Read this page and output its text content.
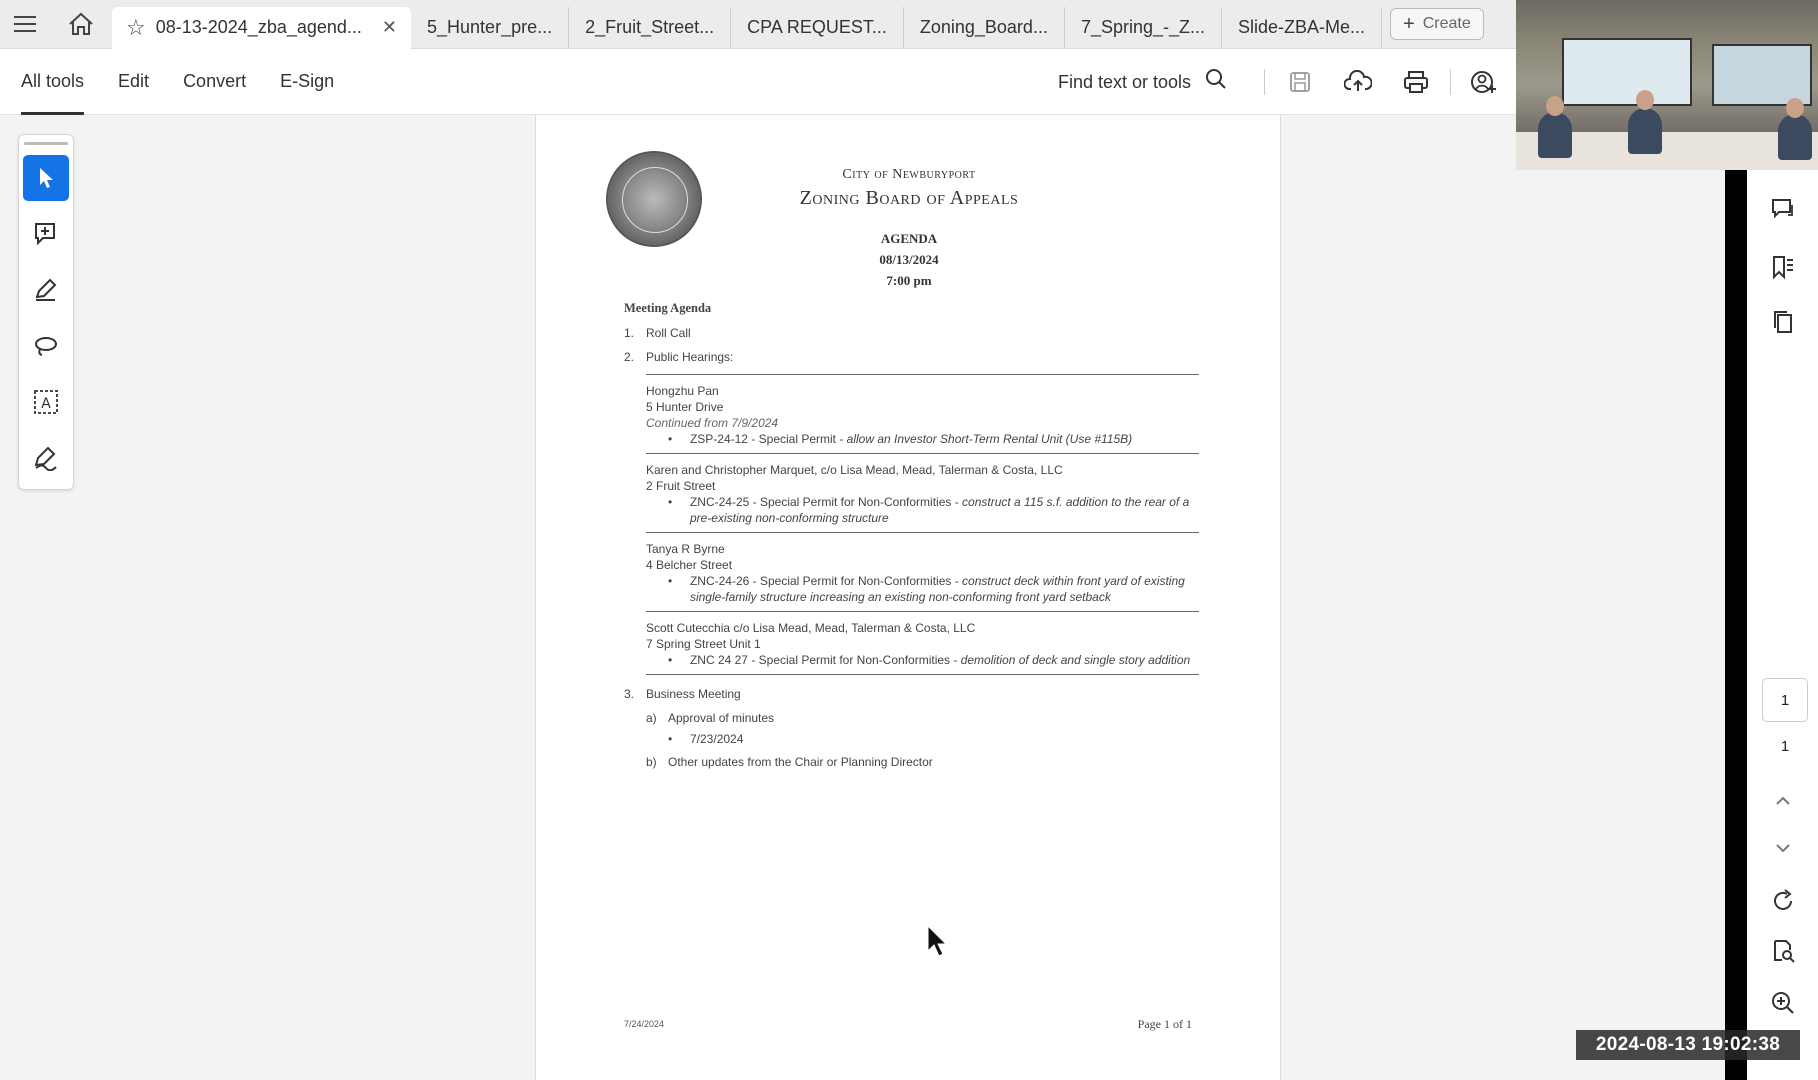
☆ 08-13-2024_zba_agend... ✕ 5_Hunter_pre... 2_Fruit_Street... CPA REQUEST... Zoning_Board... 7_Spring_-_Z... Slide-ZBA-Me... + Create
All tools Edit Convert E-Sign	Find text or tools
City of Newburyport
Zoning Board of Appeals
AGENDA
08/13/2024
7:00 pm
Meeting Agenda
1. Roll Call
2. Public Hearings:
Hongzhu Pan
5 Hunter Drive
Continued from 7/9/2024
•	ZSP-24-12 - Special Permit - allow an Investor Short-Term Rental Unit (Use #115B)
Karen and Christopher Marquet, c/o Lisa Mead, Mead, Talerman & Costa, LLC
2 Fruit Street
•	ZNC-24-25 - Special Permit for Non-Conformities - construct a 115 s.f. addition to the rear of a pre-existing non-conforming structure
Tanya R Byrne
4 Belcher Street
•	ZNC-24-26 - Special Permit for Non-Conformities - construct deck within front yard of existing single-family structure increasing an existing non-conforming front yard setback
Scott Cutecchia c/o Lisa Mead, Mead, Talerman & Costa, LLC
7 Spring Street Unit 1
•	ZNC 24 27 - Special Permit for Non-Conformities - demolition of deck and single story addition
3. Business Meeting
a) Approval of minutes
•	7/23/2024
b) Other updates from the Chair or Planning Director
7/24/2024	Page 1 of 1
A
1
1
2024-08-13 19:02:38
